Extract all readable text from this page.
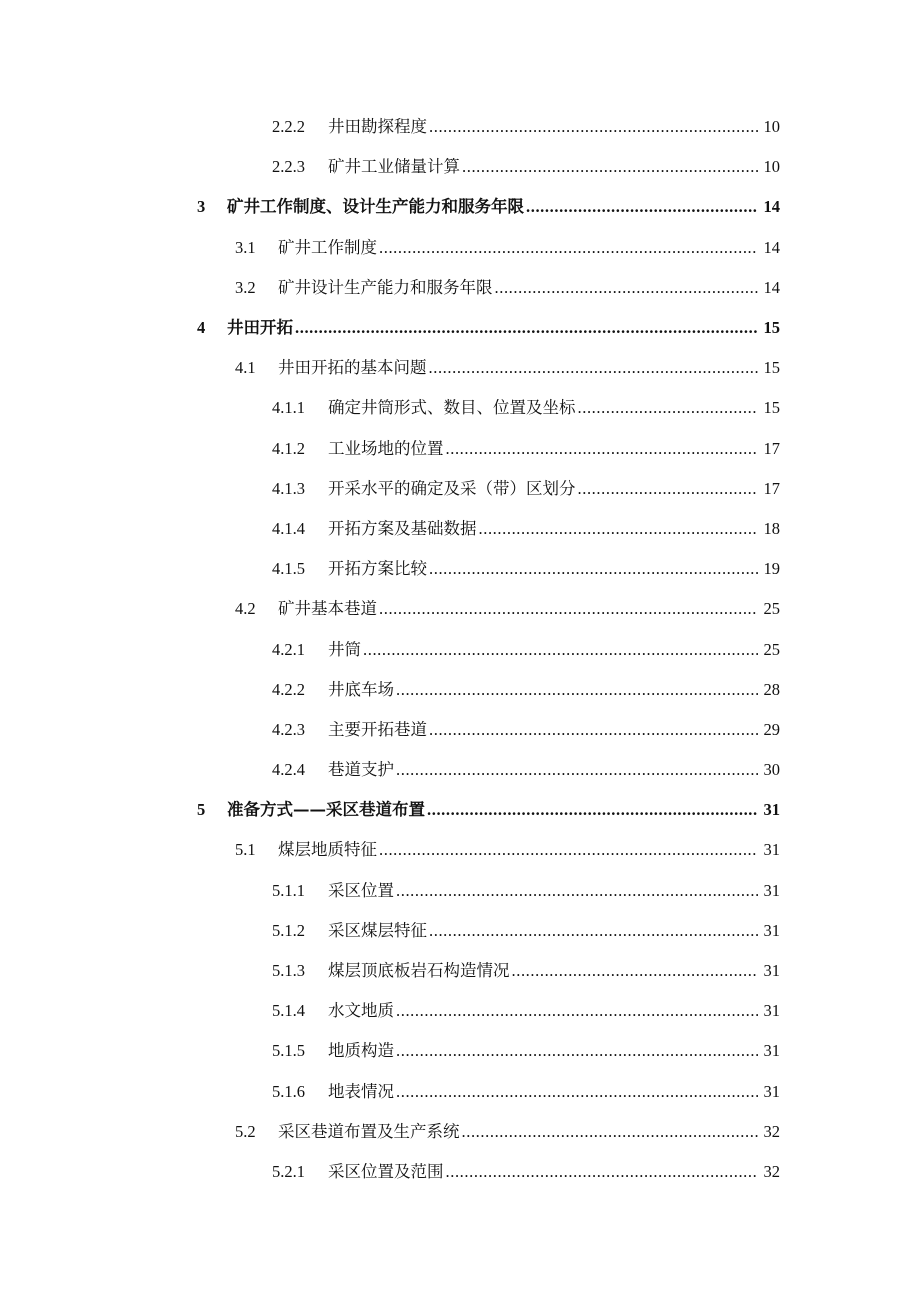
2.2.2 井田勘探程度 .....	10
2.2.3 矿井工业储量计算 .....	10
3 矿井工作制度、设计生产能力和服务年限 .....	14
3.1 矿井工作制度 .....	14
3.2 矿井设计生产能力和服务年限 .....	14
4 井田开拓 .....	15
4.1 井田开拓的基本问题 .....	15
4.1.1 确定井筒形式、数目、位置及坐标 .....	15
4.1.2 工业场地的位置 .....	17
4.1.3 开采水平的确定及采（带）区划分 .....	17
4.1.4 开拓方案及基础数据 .....	18
4.1.5 开拓方案比较 .....	19
4.2 矿井基本巷道 .....	25
4.2.1 井筒 .....	25
4.2.2 井底车场 .....	28
4.2.3 主要开拓巷道 .....	29
4.2.4 巷道支护 .....	30
5 准备方式——采区巷道布置 .....	31
5.1 煤层地质特征 .....	31
5.1.1 采区位置 .....	31
5.1.2 采区煤层特征 .....	31
5.1.3 煤层顶底板岩石构造情况 .....	31
5.1.4 水文地质 .....	31
5.1.5 地质构造 .....	31
5.1.6 地表情况 .....	31
5.2 采区巷道布置及生产系统 .....	32
5.2.1 采区位置及范围 .....	32
